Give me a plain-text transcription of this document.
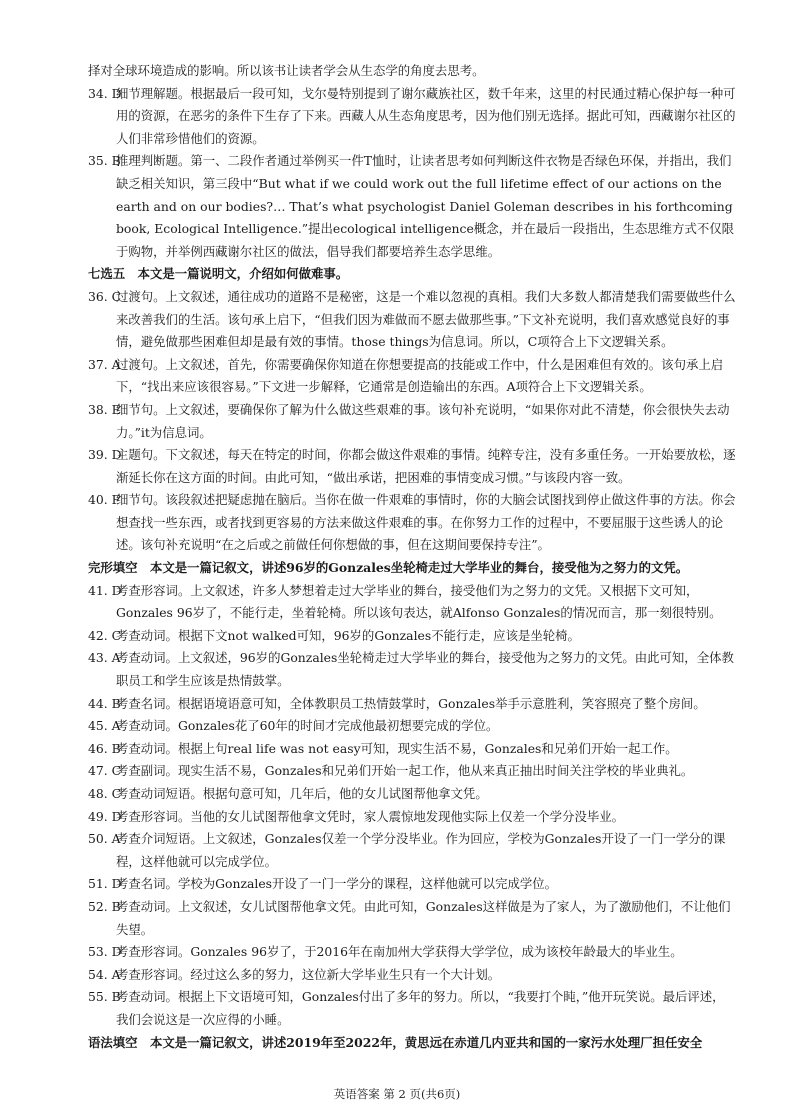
择对全球环境造成的影响。所以该书让读者学会从生态学的角度去思考。
34. D
细节理解题。根据最后一段可知，戈尔曼特别提到了谢尔藏族社区，数千年来，这里的村民通过精心保护每一种可用的资源，在恶劣的条件下生存了下来。西藏人从生态角度思考，因为他们别无选择。据此可知，西藏谢尔社区的人们非常珍惜他们的资源。
35. B
推理判断题。第一、二段作者通过举例买一件T恤时，让读者思考如何判断这件衣物是否绿色环保，并指出，我们缺乏相关知识，第三段中“But what if we could work out the full lifetime effect of our actions on the earth and on our bodies?… That’s what psychologist Daniel Goleman describes in his forthcoming book, Ecological Intelligence.”提出ecological intelligence概念，并在最后一段指出，生态思维方式不仅限于购物，并举例西藏谢尔社区的做法，倡导我们都要培养生态学思维。
七选五　本文是一篇说明文，介绍如何做难事。
36. C
过渡句。上文叙述，通往成功的道路不是秘密，这是一个难以忽视的真相。我们大多数人都清楚我们需要做些什么来改善我们的生活。该句承上启下，“但我们因为难做而不愿去做那些事。”下文补充说明，我们喜欢感觉良好的事情，避免做那些困难但却是最有效的事情。those things为信息词。所以，C项符合上下文逻辑关系。
37. A
过渡句。上文叙述，首先，你需要确保你知道在你想要提高的技能或工作中，什么是困难但有效的。该句承上启下，“找出来应该很容易。”下文进一步解释，它通常是创造输出的东西。A项符合上下文逻辑关系。
38. E
细节句。上文叙述，要确保你了解为什么做这些艰难的事。该句补充说明，“如果你对此不清楚，你会很快失去动力。”it为信息词。
39. D
主题句。下文叙述，每天在特定的时间，你都会做这件艰难的事情。纯粹专注，没有多重任务。一开始要放松，逐渐延长你在这方面的时间。由此可知，“做出承诺，把困难的事情变成习惯。”与该段内容一致。
40. F
细节句。该段叙述把疑虑抛在脑后。当你在做一件艰难的事情时，你的大脑会试图找到停止做这件事的方法。你会想查找一些东西，或者找到更容易的方法来做这件艰难的事。在你努力工作的过程中，不要屈服于这些诱人的论述。该句补充说明“在之后或之前做任何你想做的事，但在这期间要保持专注”。
完形填空　本文是一篇记叙文，讲述96岁的Gonzales坐轮椅走过大学毕业的舞台，接受他为之努力的文凭。
41. D
考查形容词。上文叙述，许多人梦想着走过大学毕业的舞台，接受他们为之努力的文凭。又根据下文可知，Gonzales 96岁了，不能行走，坐着轮椅。所以该句表达，就Alfonso Gonzales的情况而言，那一刻很特别。
42. C
考查动词。根据下文not walked可知，96岁的Gonzales不能行走，应该是坐轮椅。
43. A
考查动词。上文叙述，96岁的Gonzales坐轮椅走过大学毕业的舞台，接受他为之努力的文凭。由此可知，全体教职员工和学生应该是热情鼓掌。
44. B
考查名词。根据语境语意可知，全体教职员工热情鼓掌时，Gonzales举手示意胜利，笑容照亮了整个房间。
45. A
考查动词。Gonzales花了60年的时间才完成他最初想要完成的学位。
46. B
考查动词。根据上句real life was not easy可知，现实生活不易，Gonzales和兄弟们开始一起工作。
47. C
考查副词。现实生活不易，Gonzales和兄弟们开始一起工作，他从来真正抽出时间关注学校的毕业典礼。
48. C
考查动词短语。根据句意可知，几年后，他的女儿试图帮他拿文凭。
49. D
考查形容词。当他的女儿试图帮他拿文凭时，家人震惊地发现他实际上仅差一个学分没毕业。
50. A
考查介词短语。上文叙述，Gonzales仅差一个学分没毕业。作为回应，学校为Gonzales开设了一门一学分的课程，这样他就可以完成学位。
51. D
考查名词。学校为Gonzales开设了一门一学分的课程，这样他就可以完成学位。
52. B
考查动词。上文叙述，女儿试图帮他拿文凭。由此可知，Gonzales这样做是为了家人，为了激励他们，不让他们失望。
53. D
考查形容词。Gonzales 96岁了，于2016年在南加州大学获得大学学位，成为该校年龄最大的毕业生。
54. A
考查形容词。经过这么多的努力，这位新大学毕业生只有一个大计划。
55. B
考查动词。根据上下文语境可知，Gonzales付出了多年的努力。所以，“我要打个盹，”他开玩笑说。最后评述，我们会说这是一次应得的小睡。
语法填空　本文是一篇记叙文，讲述2019年至2022年，黄思远在赤道几内亚共和国的一家污水处理厂担任安全
英语答案 第 2 页(共6页)
